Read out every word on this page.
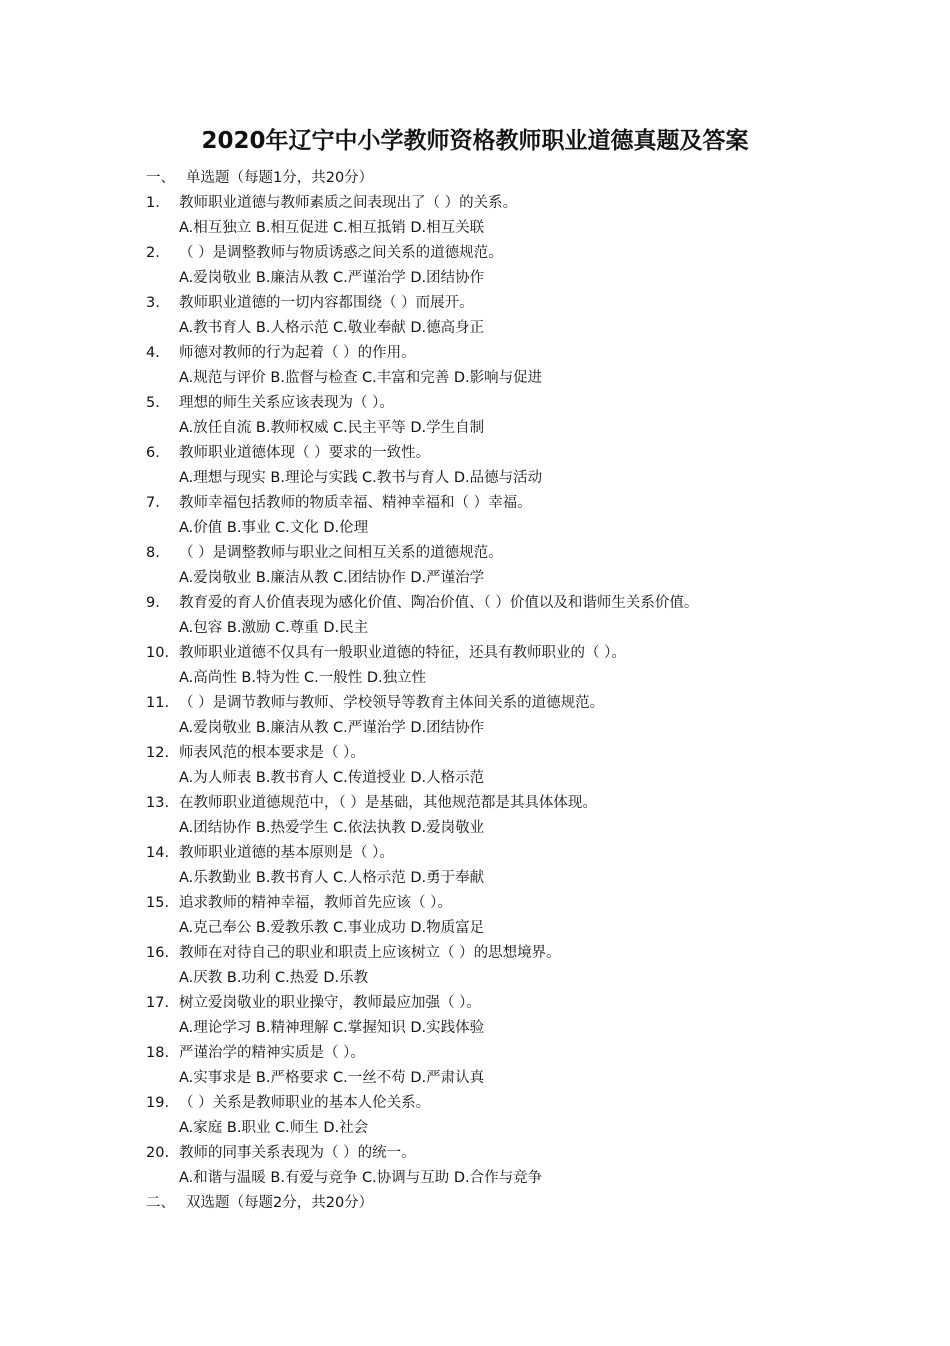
2020年辽宁中小学教师资格教师职业道德真题及答案
一、 单选题（每题1分，共20分）
1. 教师职业道德与教师素质之间表现出了（ ）的关系。
A.相互独立 B.相互促进 C.相互抵销 D.相互关联
2. （ ）是调整教师与物质诱惑之间关系的道德规范。
A.爱岗敬业 B.廉洁从教 C.严谨治学 D.团结协作
3. 教师职业道德的一切内容都围绕（ ）而展开。
A.教书育人 B.人格示范 C.敬业奉献 D.德高身正
4. 师德对教师的行为起着（ ）的作用。
A.规范与评价 B.监督与检查 C.丰富和完善 D.影响与促进
5. 理想的师生关系应该表现为（ ）。
A.放任自流 B.教师权威 C.民主平等 D.学生自制
6. 教师职业道德体现（ ）要求的一致性。
A.理想与现实 B.理论与实践 C.教书与育人 D.品德与活动
7. 教师幸福包括教师的物质幸福、精神幸福和（ ）幸福。
A.价值 B.事业 C.文化 D.伦理
8. （ ）是调整教师与职业之间相互关系的道德规范。
A.爱岗敬业 B.廉洁从教 C.团结协作 D.严谨治学
9. 教育爱的育人价值表现为感化价值、陶冶价值、（ ）价值以及和谐师生关系价值。
A.包容 B.激励 C.尊重 D.民主
10. 教师职业道德不仅具有一般职业道德的特征，还具有教师职业的（ ）。
A.高尚性 B.特为性 C.一般性 D.独立性
11. （ ）是调节教师与教师、学校领导等教育主体间关系的道德规范。
A.爱岗敬业 B.廉洁从教 C.严谨治学 D.团结协作
12. 师表风范的根本要求是（ ）。
A.为人师表 B.教书育人 C.传道授业 D.人格示范
13. 在教师职业道德规范中，（ ）是基础，其他规范都是其具体体现。
A.团结协作 B.热爱学生 C.依法执教 D.爱岗敬业
14. 教师职业道德的基本原则是（ ）。
A.乐教勤业 B.教书育人 C.人格示范 D.勇于奉献
15. 追求教师的精神幸福，教师首先应该（ ）。
A.克己奉公 B.爱教乐教 C.事业成功 D.物质富足
16. 教师在对待自己的职业和职责上应该树立（ ）的思想境界。
A.厌教 B.功利 C.热爱 D.乐教
17. 树立爱岗敬业的职业操守，教师最应加强（ ）。
A.理论学习 B.精神理解 C.掌握知识 D.实践体验
18. 严谨治学的精神实质是（ ）。
A.实事求是 B.严格要求 C.一丝不苟 D.严肃认真
19. （ ）关系是教师职业的基本人伦关系。
A.家庭 B.职业 C.师生 D.社会
20. 教师的同事关系表现为（ ）的统一。
A.和谐与温暖 B.有爱与竞争 C.协调与互助 D.合作与竞争
二、 双选题（每题2分，共20分）
